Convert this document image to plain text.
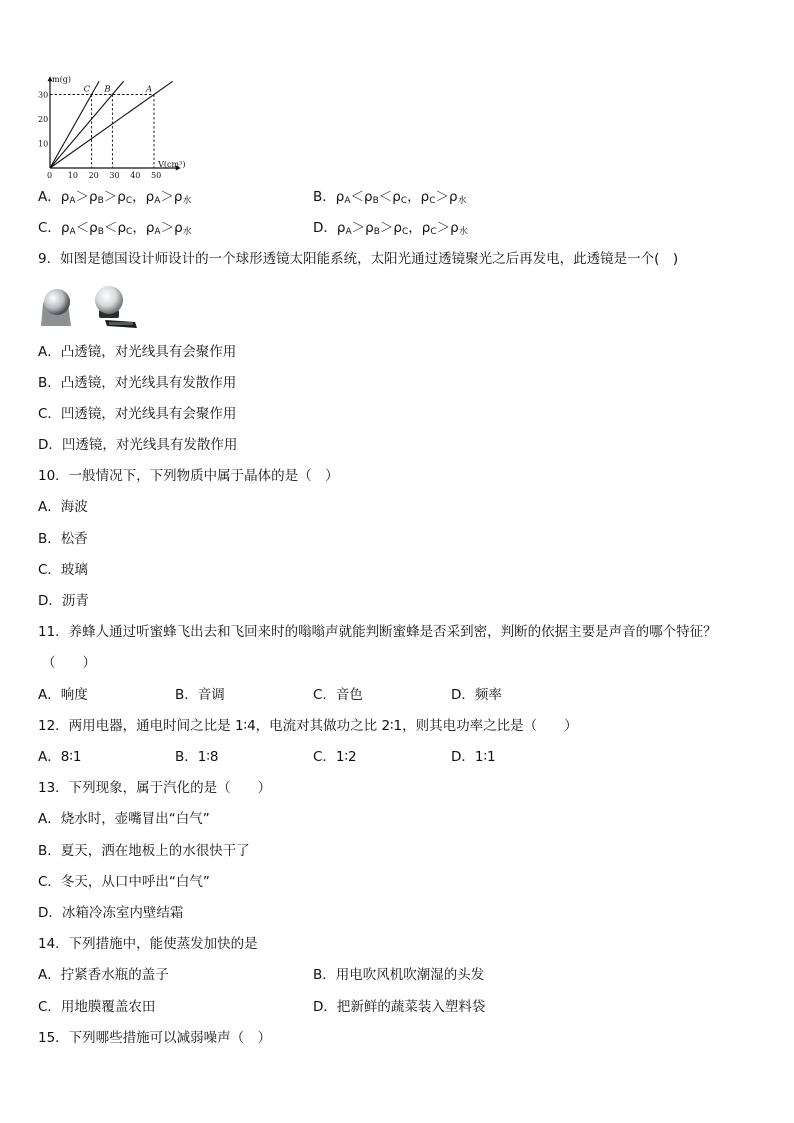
m(g)
V(cm³)
0 10 20 30 40 50
10
20
30
C B	A
A．$\rho_A>\rho_B>\rho_C$，$\rho_A>\rho_水$	B．$\rho_A<\rho_B<\rho_C$，$\rho_C>\rho_水$
C．$\rho_A<\rho_B<\rho_C$，$\rho_A>\rho_水$	D．$\rho_A>\rho_B>\rho_C$，$\rho_C>\rho_水$
9．如图是德国设计师设计的一个球形透镜太阳能系统，太阳光通过透镜聚光之后再发电，此透镜是一个(　)
A．凸透镜，对光线具有会聚作用
B．凸透镜，对光线具有发散作用
C．凹透镜，对光线具有会聚作用
D．凹透镜，对光线具有发散作用
10．一般情况下，下列物质中属于晶体的是（　）
A．海波
B．松香
C．玻璃
D．沥青
11．养蜂人通过听蜜蜂飞出去和飞回来时的嗡嗡声就能判断蜜蜂是否采到密，判断的依据主要是声音的哪个特征？
（　　）
A．响度	B．音调	C．音色	D．频率
12．两用电器，通电时间之比是 1∶4，电流对其做功之比 2∶1，则其电功率之比是（　　）
A．8∶1	B．1∶8	C．1∶2	D．1∶1
13．下列现象，属于汽化的是（　　）
A．烧水时，壶嘴冒出“白气”
B．夏天，洒在地板上的水很快干了
C．冬天，从口中呼出“白气”
D．冰箱冷冻室内壁结霜
14．下列措施中，能使蒸发加快的是
A．拧紧香水瓶的盖子	B．用电吹风机吹潮湿的头发
C．用地膜覆盖农田	D．把新鲜的蔬菜装入塑料袋
15．下列哪些措施可以减弱噪声（　）
